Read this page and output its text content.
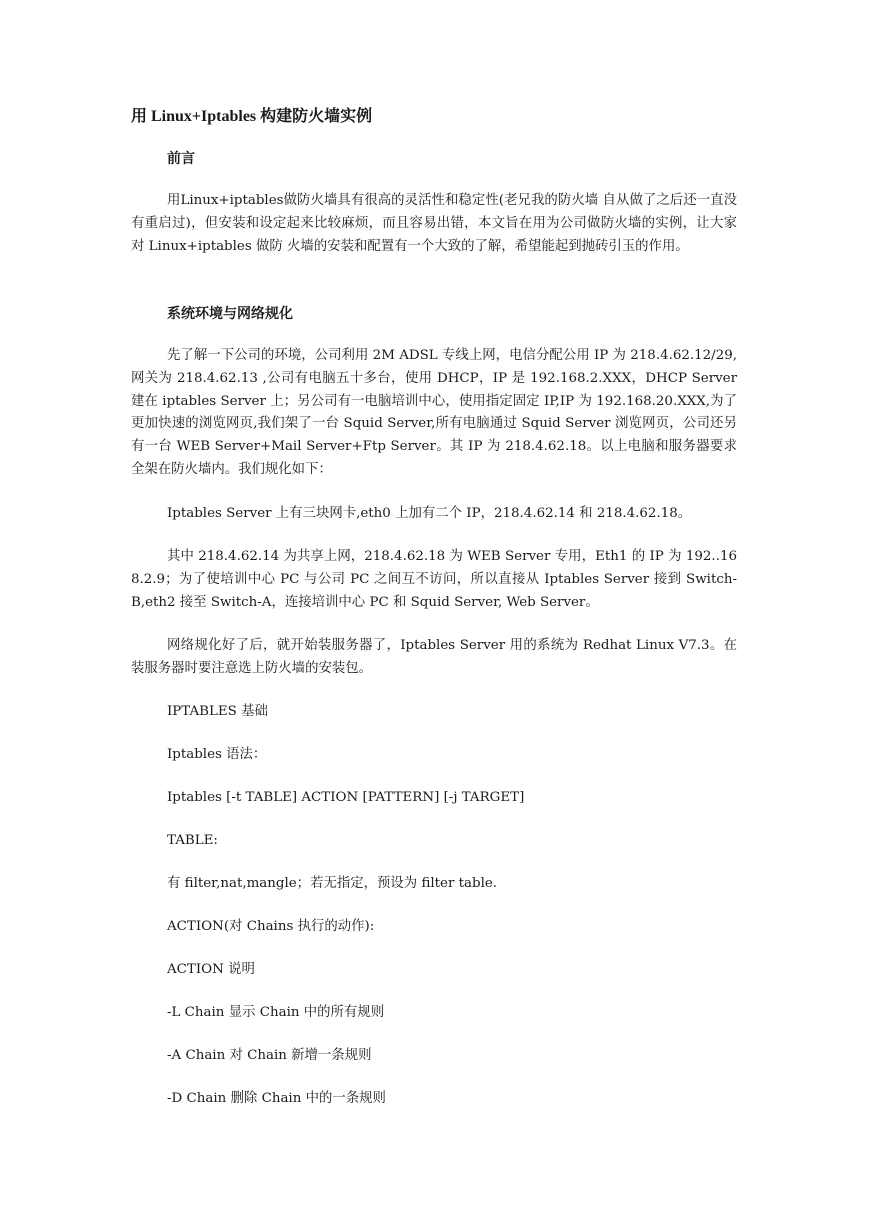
用 Linux+Iptables 构建防火墙实例
前言

用Linux+iptables做防火墙具有很高的灵活性和稳定性(老兄我的防火墙 自从做了之后还一直没有重启过)，但安装和设定起来比较麻烦，而且容易出错，本文旨在用为公司做防火墙的实例，让大家对 Linux+iptables 做防 火墙的安装和配置有一个大致的了解，希望能起到抛砖引玉的作用。

系统环境与网络规化

先了解一下公司的环境，公司利用 2M ADSL 专线上网，电信分配公用 IP 为 218.4.62.12/29,网关为 218.4.62.13 ,公司有电脑五十多台，使用 DHCP，IP 是 192.168.2.XXX，DHCP Server 建在 iptables Server 上；另公司有一电脑培训中心，使用指定固定 IP,IP 为 192.168.20.XXX,为了更加快速的浏览网页,我们架了一台 Squid Server,所有电脑通过 Squid Server 浏览网页，公司还另有一台 WEB Server+Mail Server+Ftp Server。其 IP 为 218.4.62.18。以上电脑和服务器要求全架在防火墙内。我们规化如下：

Iptables Server 上有三块网卡,eth0 上加有二个 IP，218.4.62.14 和 218.4.62.18。

其中 218.4.62.14 为共享上网，218.4.62.18 为 WEB Server 专用，Eth1 的 IP 为 192..168.2.9；为了使培训中心 PC 与公司 PC 之间互不访问，所以直接从 Iptables Server 接到 Switch-B,eth2 接至 Switch-A，连接培训中心 PC 和 Squid Server, Web Server。

网络规化好了后，就开始装服务器了，Iptables Server 用的系统为 Redhat Linux V7.3。在装服务器时要注意选上防火墙的安装包。

IPTABLES 基础

Iptables 语法：

Iptables [-t TABLE] ACTION [PATTERN] [-j TARGET]

TABLE:

有 filter,nat,mangle；若无指定，预设为 filter table.

ACTION(对 Chains 执行的动作):

ACTION 说明

-L Chain 显示 Chain 中的所有规则

-A Chain 对 Chain 新增一条规则

-D Chain 删除 Chain 中的一条规则
